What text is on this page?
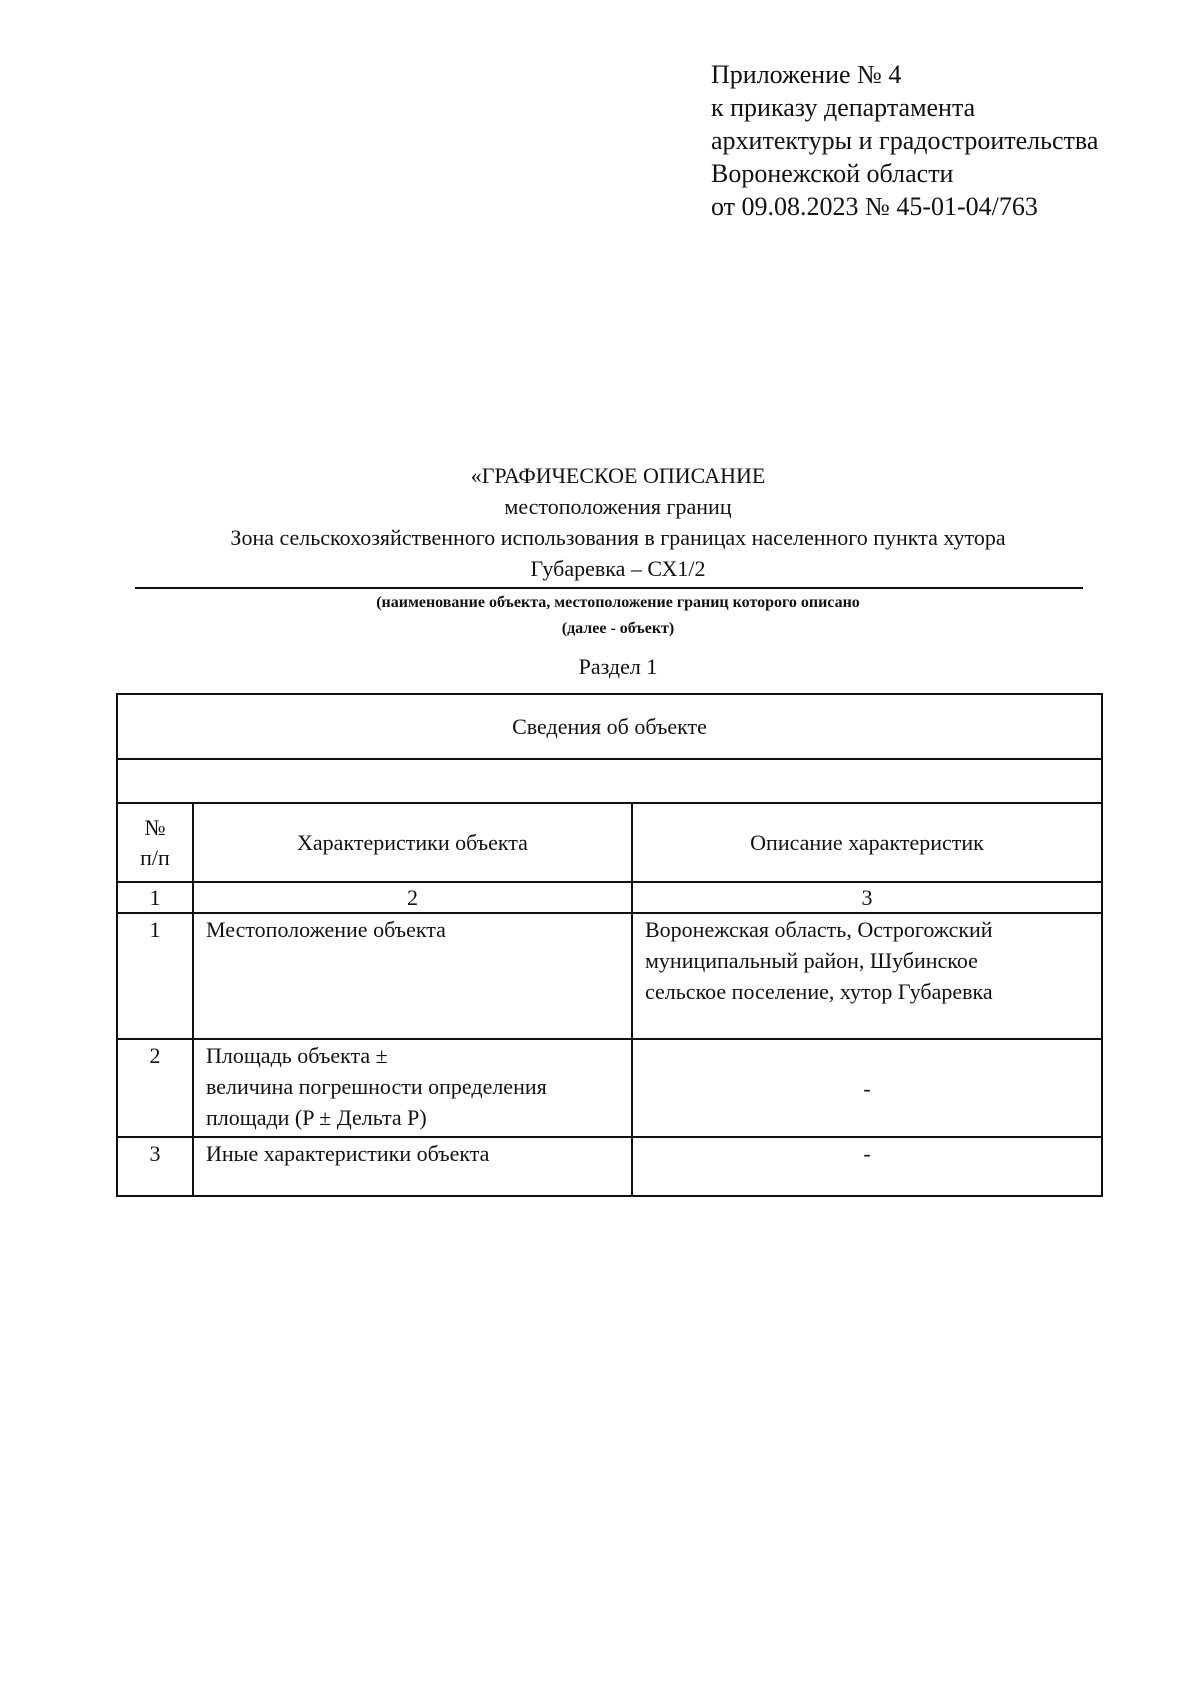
Приложение № 4
к приказу департамента
архитектуры и градостроительства
Воронежской области
от 09.08.2023 № 45-01-04/763
«ГРАФИЧЕСКОЕ ОПИСАНИЕ
местоположения границ
Зона сельскохозяйственного использования в границах населенного пункта хутора
Губаревка – СХ1/2
(наименование объекта, местоположение границ которого описано
(далее - объект)
Раздел 1
Сведения об объекте		

№
п/п	Характеристики объекта	Описание характеристик
1	2	3
1	Местоположение объекта	Воронежская область, Острогожский
муниципальный район, Шубинское
сельское поселение, хутор Губаревка

2	Площадь объекта ±
величина погрешности определения
площади (P ± Дельта P)	-

3	Иные характеристики объекта	-
